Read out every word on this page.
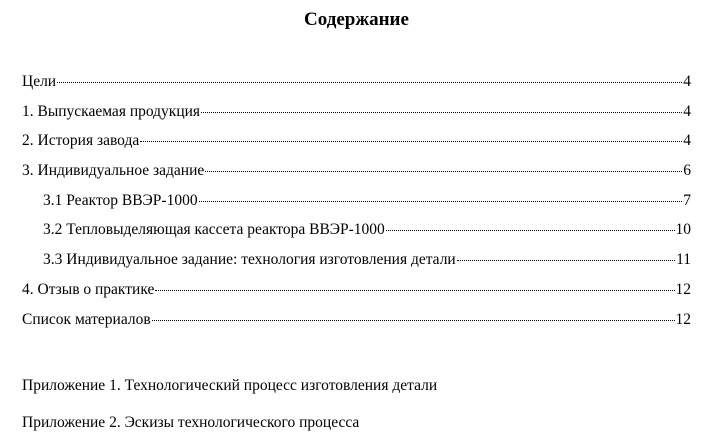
Содержание
Цели	4
1. Выпускаемая продукция	4
2. История завода	4
3. Индивидуальное задание	6
3.1 Реактор ВВЭР-1000	7
3.2 Тепловыделяющая кассета реактора ВВЭР-1000	10
3.3 Индивидуальное задание: технология изготовления детали	11
4. Отзыв о практике	12
Список материалов	12
Приложение 1. Технологический процесс изготовления детали
Приложение 2. Эскизы технологического процесса
